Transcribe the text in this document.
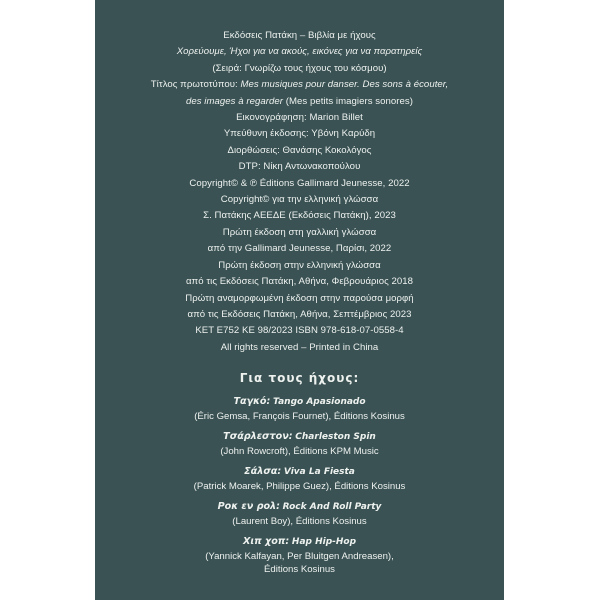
Εκδόσεις Πατάκη – Βιβλία με ήχους
Χορεύουμε, Ήχοι για να ακούς, εικόνες για να παρατηρείς
(Σειρά: Γνωρίζω τους ήχους του κόσμου)
Τίτλος πρωτοτύπου: Mes musiques pour danser. Des sons à écouter,
des images à regarder (Mes petits imagiers sonores)
Εικονογράφηση: Marion Billet
Υπεύθυνη έκδοσης: Υβόνη Καρύδη
Διορθώσεις: Θανάσης Κοκολόγος
DTP: Νίκη Αντωνακοπούλου
Copyright© & ℗ Éditions Gallimard Jeunesse, 2022
Copyright© για την ελληνική γλώσσα
Σ. Πατάκης ΑΕΕΔΕ (Εκδόσεις Πατάκη), 2023
Πρώτη έκδοση στη γαλλική γλώσσα
από την Gallimard Jeunesse, Παρίσι, 2022
Πρώτη έκδοση στην ελληνική γλώσσα
από τις Εκδόσεις Πατάκη, Αθήνα, Φεβρουάριος 2018
Πρώτη αναμορφωμένη έκδοση στην παρούσα μορφή
από τις Εκδόσεις Πατάκη, Αθήνα, Σεπτέμβριος 2023
ΚΕΤ Ε752 ΚΕ 98/2023 ISBN 978-618-07-0558-4
All rights reserved – Printed in China
Για τους ήχους:
Ταγκό: Tango Apasionado
(Éric Gemsa, François Fournet), Éditions Kosinus
Τσάρλεστον: Charleston Spin
(John Rowcroft), Éditions KPM Music
Σάλσα: Viva La Fiesta
(Patrick Moarek, Philippe Guez), Éditions Kosinus
Ροκ εν ρολ: Rock And Roll Party
(Laurent Boy), Éditions Kosinus
Χιπ χοπ: Hap Hip-Hop
(Yannick Kalfayan, Per Bluitgen Andreasen),
Éditions Kosinus
